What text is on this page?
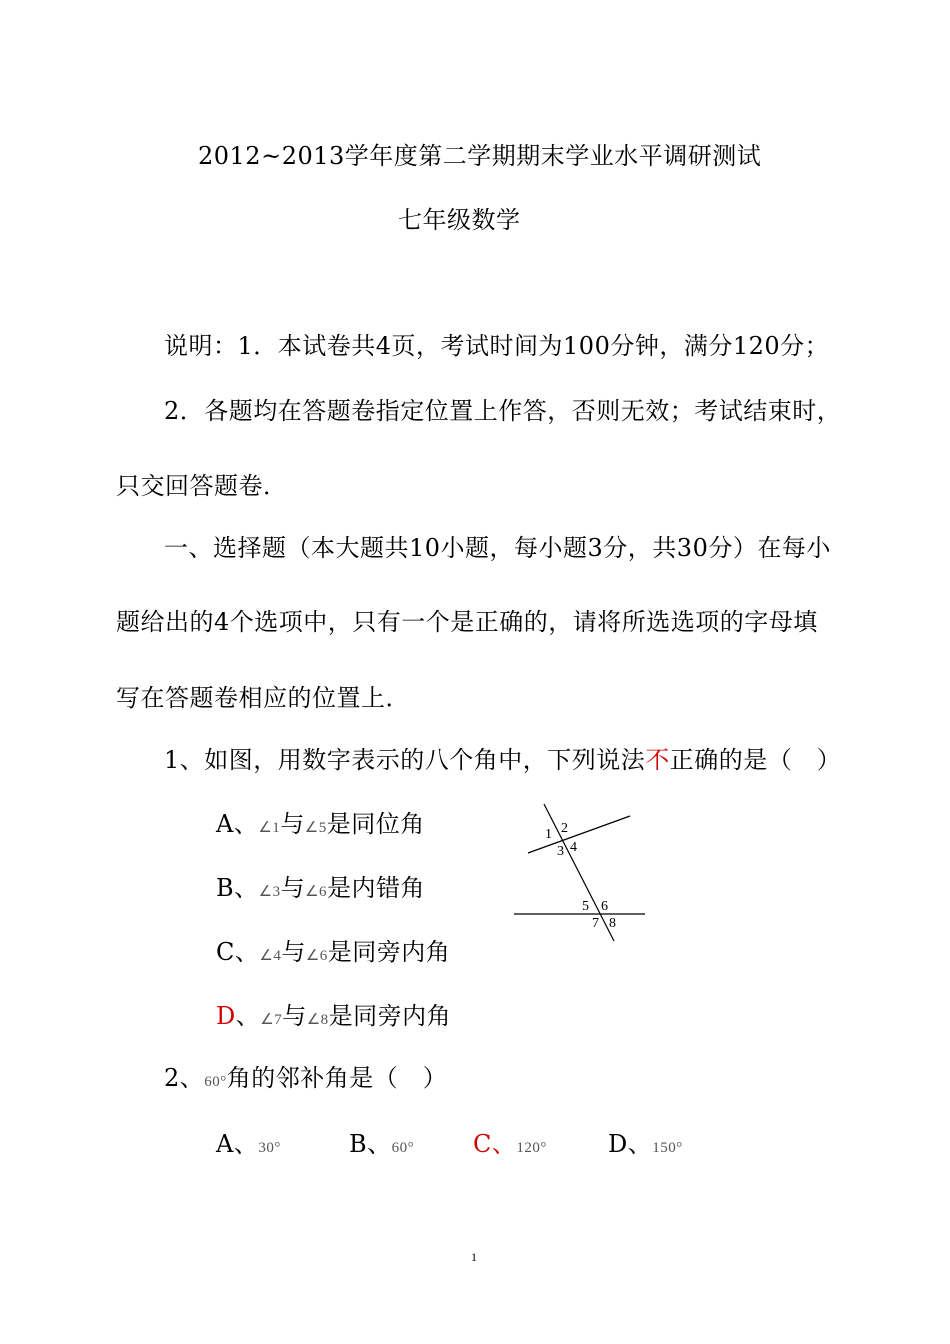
2012~2013学年度第二学期期末学业水平调研测试
七年级数学
说明：1．本试卷共4页，考试时间为100分钟，满分120分；
2．各题均在答题卷指定位置上作答，否则无效；考试结束时，
只交回答题卷．
一、选择题（本大题共10小题，每小题3分，共30分）在每小
题给出的4个选项中，只有一个是正确的，请将所选选项的字母填
写在答题卷相应的位置上．
1、如图，用数字表示的八个角中，下列说法不正确的是（　）
A、∠1与∠5是同位角
B、∠3与∠6是内错角
C、∠4与∠6是同旁内角
D、∠7与∠8是同旁内角
1 2
3 4
5 6
7 8
2、60°角的邻补角是（　）
A、30°	B、60° C、120°	D、150°
1
